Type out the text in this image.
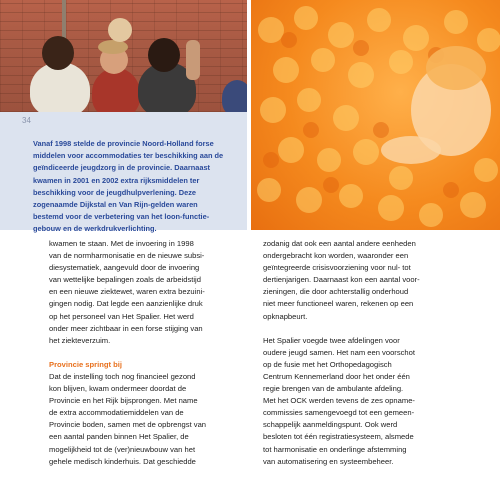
34
Vanaf 1998 stelde de provincie Noord-Holland forse
middelen voor accommodaties ter beschikking aan de
geïndiceerde jeugdzorg in de provincie. Daarnaast
kwamen in 2001 en 2002 extra rijksmiddelen ter
beschikking voor de jeugdhulpverlening. Deze
zogenaamde Dijkstal en Van Rijn-gelden waren
bestemd voor de verbetering van het loon-functie-
gebouw en de werkdrukverlichting.
kwamen te staan. Met de invoering in 1998
van de normharmonisatie en de nieuwe subsi-
diesystematiek, aangevuld door de invoering
van wettelijke bepalingen zoals de arbeidstijd
en een nieuwe ziektewet, waren extra bezuini-
gingen nodig. Dat legde een aanzienlijke druk
op het personeel van Het Spalier. Het werd
onder meer zichtbaar in een forse stijging van
het ziekteverzuim.
Provincie springt bij
Dat de instelling toch nog financieel gezond
kon blijven, kwam ondermeer doordat de
Provincie en het Rijk bijsprongen. Met name
de extra accommodatiemiddelen van de
Provincie boden, samen met de opbrengst van
een aantal panden binnen Het Spalier, de
mogelijkheid tot de (ver)nieuwbouw van het
gehele medisch kinderhuis. Dat geschiedde
zodanig dat ook een aantal andere eenheden
ondergebracht kon worden, waaronder een
geïntegreerde crisisvoorziening voor nul- tot
dertienjarigen. Daarnaast kon een aantal voor-
zieningen, die door achterstallig onderhoud
niet meer functioneel waren, rekenen op een
opknapbeurt.
Het Spalier voegde twee afdelingen voor
oudere jeugd samen. Het nam een voorschot
op de fusie met het Orthopedagogisch
Centrum Kennemerland door het onder één
regie brengen van de ambulante afdeling.
Met het OCK werden tevens de zes opname-
commissies samengevoegd tot een gemeen-
schappelijk aanmeldingspunt. Ook werd
besloten tot één registratiesysteem, alsmede
tot harmonisatie en onderlinge afstemming
van automatisering en systeembeheer.
